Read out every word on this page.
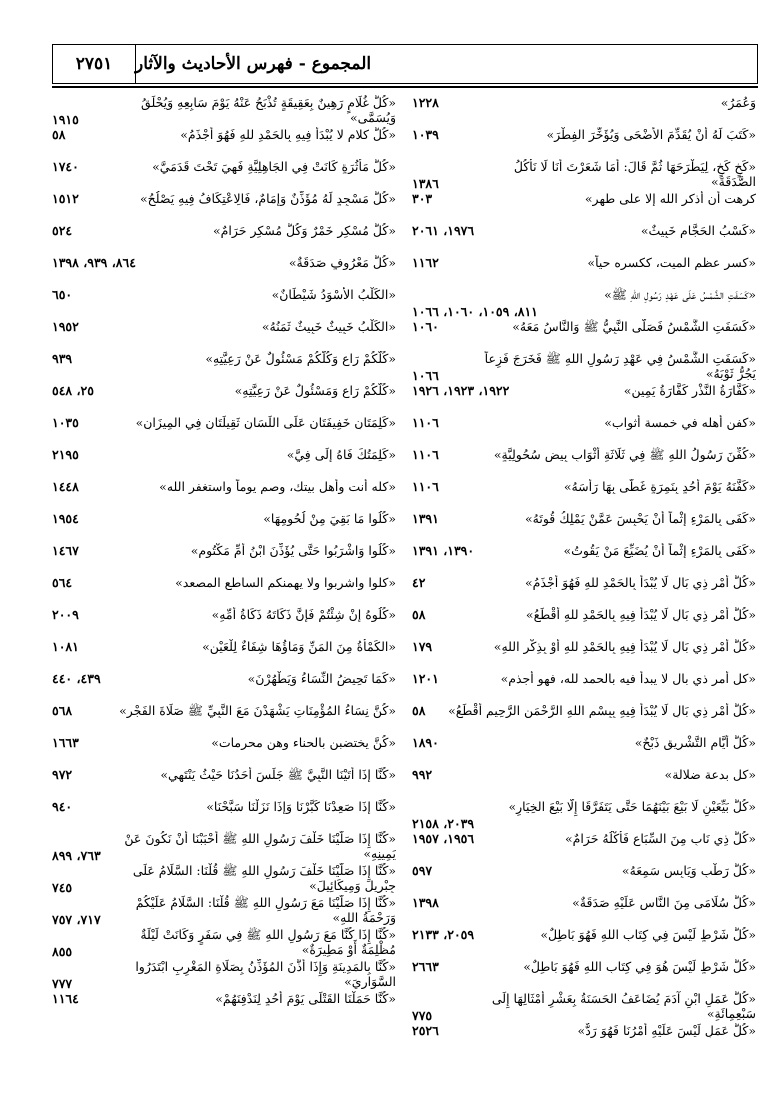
٢٧٥١	المجموع - فهرس الأحاديث والآثار
وَعُمَرُ»
١٢٢٨
«كَتَبَ لَهُ أَنْ يُقَدِّمَ الأَضْحَى وَيُؤَخِّرَ الفِطْرَ»
١٠٣٩
«كَخٍ كَخٍ، لِيَطْرَحَهَا ثُمَّ قَالَ: أَمَا شَعَرْتَ أَنَا لَا نَأْكُلُ الصَّدَقَةَ»
١٣٨٦
كرهت أن أذكر الله إلا على طهر»
٣٠٣
«كَسْبُ الحَجَّامِ خَبِيثٌ»
١٩٧٦، ٢٠٦١
«كسر عظم الميت، ككسره حياً»
١١٦٢
«كَسَفَتِ الشَّمْسُ عَلَى عَهْدِ رَسُولِ اللهِ ﷺ»
٨١١، ١٠٥٩، ١٠٦٠، ١٠٦٦
«كَسَفَتِ الشَّمْسُ فَصَلَّى النَّبِيُّ ﷺ وَالنَّاسُ مَعَهُ»
١٠٦٠
«كَسَفَتِ الشَّمْسُ فِي عَهْدِ رَسُولِ اللهِ ﷺ فَخَرَجَ فَزِعاً يَجُرُّ ثَوْبَهُ»
١٠٦٦
«كَفَّارَةُ النَّذْرِ كَفَّارَةُ يَمِينٍ»
١٩٢٢، ١٩٢٣، ١٩٢٦
«كفن أهله في خمسة أثواب»
١١٠٦
«كُفِّنَ رَسُولُ اللهِ ﷺ فِي ثَلَاثَةِ أَثْوَابٍ بِيضٍ سُحُولِيَّةٍ»
١١٠٦
«كَفَّنَهُ يَوْمَ أُحُدٍ بِنَمِرَةٍ غَطَّى بِهَا رَأْسَهُ»
١١٠٦
«كَفَى بِالمَرْءِ إِثْماً أَنْ يَحْبِسَ عَمَّنْ يَمْلِكُ قُوتَهُ»
١٣٩١
«كَفَى بِالمَرْءِ إِثْماً أَنْ يُضَيِّعَ مَنْ يَقُوتُ»
١٣٩٠، ١٣٩١
«كُلُّ أَمْرٍ ذِي بَالٍ لَا يُبْدَأُ بِالحَمْدِ للهِ فَهُوَ أَجْذَمُ»
٤٢
«كُلُّ أَمْرٍ ذِي بَالٍ لَا يُبْدَأُ فِيهِ بِالحَمْدِ للهِ أَقْطَعُ»
٥٨
«كُلُّ أَمْرٍ ذِي بَالٍ لَا يُبْدَأُ فِيهِ بِالحَمْدِ للهِ أَوْ بِذِكْرِ اللهِ»
١٧٩
«كل أمر ذي بال لا يبدأ فيه بالحمد لله، فهو أجذم»
١٢٠١
«كُلُّ أَمْرٍ ذِي بَالٍ لَا يُبْدَأُ فِيهِ بِبِسْمِ اللهِ الرَّحْمَنِ الرَّحِيمِ أَقْطَعُ»
٥٨
«كُلُّ أَيَّامِ التَّشْرِيقِ ذَبْحٌ»
١٨٩٠
«كل بدعة ضلالة»
٩٩٢
«كُلُّ بَيِّعَيْنِ لَا بَيْعَ بَيْنَهُمَا حَتَّى يَتَفَرَّقَا إِلَّا بَيْعَ الخِيَارِ»
٢٠٣٩، ٢١٥٨
«كُلُّ ذِي نَابٍ مِنَ السِّبَاعِ فَأَكْلُهُ حَرَامٌ»
١٩٥٦، ١٩٥٧
«كُلُّ رَطْبٍ وَيَابِسٍ سَمِعَهُ»
٥٩٧
«كُلُّ سُلَامَى مِنَ النَّاسِ عَلَيْهِ صَدَقَةٌ»
١٣٩٨
«كُلُّ شَرْطٍ لَيْسَ فِي كِتَابِ اللهِ فَهُوَ بَاطِلٌ»
٢٠٥٩، ٢١٣٣
«كُلُّ شَرْطٍ لَيْسَ هُوَ فِي كِتَابِ اللهِ فَهُوَ بَاطِلٌ»
٢٦٦٣
«كُلُّ عَمَلِ ابْنِ آدَمَ يُضَاعَفُ الحَسَنَةُ بِعَشْرِ أَمْثَالِهَا إِلَى سَبْعِمِائَةِ»
٧٧٥
«كُلُّ عَمَلٍ لَيْسَ عَلَيْهِ أَمْرُنَا فَهُوَ رَدٌّ»
٢٥٢٦
«كُلُّ غُلَامٍ رَهِينٌ بِعَقِيقَةٍ تُذْبَحُ عَنْهُ يَوْمَ سَابِعِهِ وَيُحْلَقُ وَيُسَمَّى»
١٩١٥
«كُلُّ كلامٍ لا يُبْدَأُ فِيهِ بِالحَمْدِ للهِ فَهُوَ أَجْذَمُ»
٥٨
«كُلُّ مَأْثُرَةٍ كَانَتْ فِي الجَاهِلِيَّةِ فَهِيَ تَحْتَ قَدَمَيَّ»
١٧٤٠
«كُلُّ مَسْجِدٍ لَهُ مُؤَذِّنٌ وَإِمَامٌ، فَالِاعْتِكَافُ فِيهِ يَصْلُحُ»
١٥١٢
«كُلُّ مُسْكِرٍ خَمْرٌ وَكُلُّ مُسْكِرٍ حَرَامٌ»
٥٢٤
«كُلُّ مَعْرُوفٍ صَدَقَةٌ»
٨٦٤، ٩٣٩، ١٣٩٨
«الكَلْبُ الأَسْوَدُ شَيْطَانٌ»
٦٥٠
«الكَلْبُ خَبِيثٌ خَبِيثٌ ثَمَنُهُ»
١٩٥٢
«كُلُّكُمْ رَاعٍ وَكُلُّكُمْ مَسْئُولٌ عَنْ رَعِيَّتِهِ»
٩٣٩
«كُلُّكُمْ رَاعٍ وَمَسْئُولٌ عَنْ رَعِيَّتِهِ»
٢٥، ٥٤٨
«كَلِمَتَانِ خَفِيفَتَانِ عَلَى اللِّسَانِ ثَقِيلَتَانِ فِي المِيزَانِ»
١٠٣٥
«كَلِمَتُكَ فَاهُ إِلَى فِيَّ»
٢١٩٥
«كله أنت وأهل بيتك، وصم يوماً واستغفر الله»
١٤٤٨
«كُلُوا مَا بَقِيَ مِنْ لُحُومِهَا»
١٩٥٤
«كُلُوا وَاشْرَبُوا حَتَّى يُؤَذِّنَ ابْنُ أُمِّ مَكْتُومٍ»
١٤٦٧
«كلوا واشربوا ولا يهمنكم الساطع المصعد»
٥٦٤
«كُلُوهُ إِنْ شِئْتُمْ فَإِنَّ ذَكَاتَهُ ذَكَاةُ أُمِّهِ»
٢٠٠٩
«الكَمْأَةُ مِنَ المَنِّ وَمَاؤُهَا شِفَاءٌ لِلْعَيْنِ»
١٠٨١
«كَمَا تَحِيضُ النِّسَاءُ وَيَطْهُرْنَ»
٤٣٩، ٤٤٠
«كُنَّ نِسَاءُ المُؤْمِنَاتِ يَشْهَدْنَ مَعَ النَّبِيِّ ﷺ صَلَاةَ الفَجْرِ»
٥٦٨
«كُنَّ يختضبن بالحناء وهن محرمات»
١٦٦٣
«كُنَّا إِذَا أَتَيْنَا النَّبِيَّ ﷺ جَلَسَ أَحَدُنَا حَيْثُ يَنْتَهِي»
٩٧٢
«كُنَّا إِذَا صَعِدْنَا كَبَّرْنَا وَإِذَا نَزَلْنَا سَبَّحْنَا»
٩٤٠
«كُنَّا إِذَا صَلَّيْنَا خَلْفَ رَسُولِ اللهِ ﷺ أَحْبَبْنَا أَنْ نَكُونَ عَنْ يَمِينِهِ»
٧٦٣، ٨٩٩
«كُنَّا إِذَا صَلَّيْنَا خَلْفَ رَسُولِ اللهِ ﷺ قُلْنَا: السَّلَامُ عَلَى جِبْرِيلَ وَمِيكَائِيلَ»
٧٤٥
«كُنَّا إِذَا صَلَّيْنَا مَعَ رَسُولِ اللهِ ﷺ قُلْنَا: السَّلَامُ عَلَيْكُمْ وَرَحْمَةُ اللهِ»
٧١٧، ٧٥٧
«كُنَّا إِذَا كُنَّا مَعَ رَسُولِ اللهِ ﷺ فِي سَفَرٍ وَكَانَتْ لَيْلَةٌ مُظْلِمَةٌ أَوْ مَطِيرَةٌ»
٨٥٥
«كُنَّا بِالمَدِينَةِ وَإِذَا أَذَّنَ المُؤَذِّنُ بِصَلَاةِ المَغْرِبِ ابْتَدَرُوا السَّوَارِيَ»
٧٧٧
«كُنَّا حَمَلْنَا القَتْلَى يَوْمَ أُحُدٍ لِنَدْفِنَهُمْ»
١١٦٤
